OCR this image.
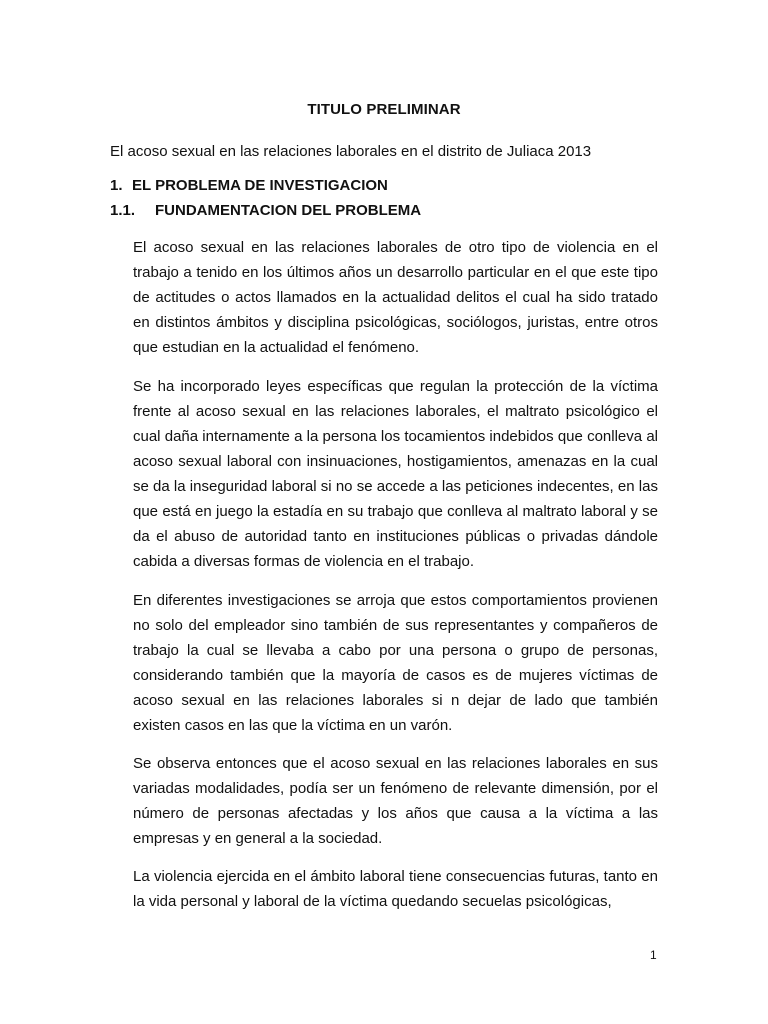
TITULO PRELIMINAR
El acoso sexual en las relaciones laborales en el distrito de Juliaca 2013
1. EL PROBLEMA DE INVESTIGACION
1.1. FUNDAMENTACION DEL PROBLEMA

El acoso sexual en las relaciones laborales de otro tipo de violencia en el trabajo a tenido en los últimos años un desarrollo particular en el que este tipo de actitudes o actos llamados en la actualidad delitos el cual ha sido tratado en distintos ámbitos y disciplina psicológicas, sociólogos, juristas, entre otros que estudian en la actualidad el fenómeno.

Se ha incorporado leyes específicas que regulan la protección de la víctima frente al acoso sexual en las relaciones laborales, el maltrato psicológico el cual daña internamente a la persona los tocamientos indebidos que conlleva al acoso sexual laboral con insinuaciones, hostigamientos, amenazas en la cual se da la inseguridad laboral si no se accede a las peticiones indecentes, en las que está en juego la estadía en su trabajo que conlleva al maltrato laboral y se da el abuso de autoridad tanto en instituciones públicas o privadas dándole cabida a diversas formas de violencia en el trabajo.

En diferentes investigaciones se arroja que estos comportamientos provienen no solo del empleador sino también de sus representantes y compañeros de trabajo la cual se llevaba a cabo por una persona o grupo de personas, considerando también que la mayoría de casos es de mujeres víctimas de acoso sexual en las relaciones laborales si n dejar de lado que también existen casos en las que la víctima en un varón.

Se observa entonces que el acoso sexual en las relaciones laborales en sus variadas modalidades, podía ser un fenómeno de relevante dimensión, por el número de personas afectadas y los años que causa a la víctima a las empresas y en general a la sociedad.

La violencia ejercida en el ámbito laboral tiene consecuencias futuras, tanto en la vida personal y laboral de la víctima quedando secuelas psicológicas,

1
